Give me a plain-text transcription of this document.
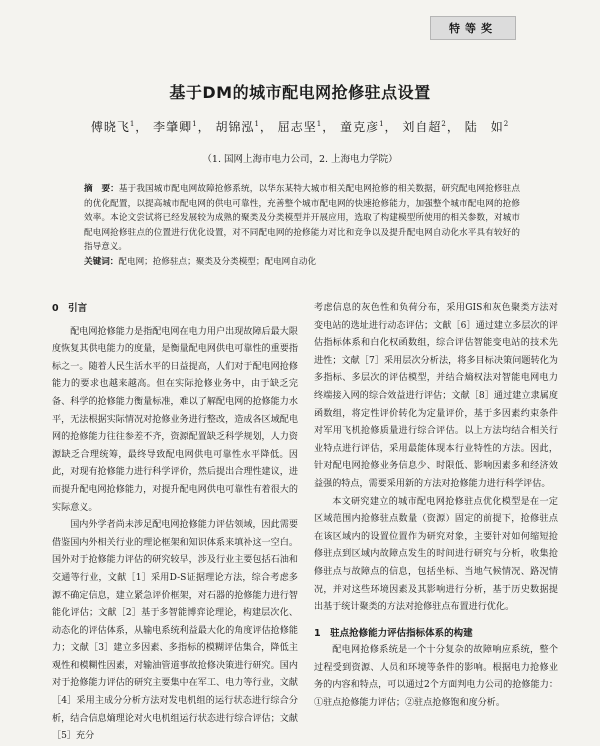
特等奖
基于DM的城市配电网抢修驻点设置
傅晓飞$^1$， 李肇卿$^1$， 胡锦泓$^1$， 屈志坚$^1$， 童克彦$^1$， 刘自超$^2$， 陆　如$^2$
（1. 国网上海市电力公司，2. 上海电力学院）
摘　要：基于我国城市配电网故障抢修系统，以华东某特大城市相关配电网抢修的相关数据，研究配电网抢修驻点的优化配置，以提高城市配电网的供电可靠性，充善整个城市配电网的快速抢修能力，加强整个城市配电网的抢修效率。本论文尝试将已经发展较为成熟的聚类及分类模型并开展应用，选取了构建模型所使用的相关参数，对城市配电网抢修驻点的位置进行优化设置，对不同配电网的抢修能力对比和竞争以及提升配电网自动化水平具有较好的指导意义。
关键词：配电网；抢修驻点；聚类及分类模型；配电网自动化
0　引言

配电网抢修能力是指配电网在电力用户出现故障后最大限度恢复其供电能力的度量，是衡量配电网供电可靠性的重要指标之一。随着人民生活水平的日益提高，人们对于配电网抢修能力的要求也越来越高。但在实际抢修业务中，由于缺乏完备、科学的抢修能力衡量标准，难以了解配电网的抢修能力水平，无法根据实际情况对抢修业务进行整改，造成各区域配电网的抢修能力往往参差不齐，资源配置缺乏科学规划，人力资源缺乏合理统筹，最终导致配电网供电可靠性水平降低。因此，对现有抢修能力进行科学评价，然后提出合理性建议，进而提升配电网抢修能力，对提升配电网供电可靠性有着很大的实际意义。

国内外学者尚未涉足配电网抢修能力评估领域，因此需要借鉴国内外相关行业的理论框架和知识体系来填补这一空白。国外对于抢修能力评估的研究较早，涉及行业主要包括石油和交通等行业，文献［1］采用D-S证据理论方法，综合考虑多源不确定信息，建立紧急评价框架，对石器的抢修能力进行智能化评估；文献［2］基于多智能博弈论理论，构建层次化、动态化的评估体系，从输电系统利益最大化的角度评估抢修能力；文献［3］建立多因素、多指标的模糊评估集合，降低主观性和模糊性因素，对输油管道事故抢修决策进行研究。国内对于抢修能力评估的研究主要集中在军工、电力等行业，文献［4］采用主成分分析方法对发电机组的运行状态进行综合分析，结合信息熵理论对火电机组运行状态进行综合评估；文献［5］充分

考虑信息的灰色性和负荷分布，采用GIS和灰色聚类方法对变电站的选址进行动态评估；文献［6］通过建立多层次的评估指标体系和白化权函数组，综合评估智能变电站的技术先进性；文献［7］采用层次分析法，将多目标决策问题转化为多指标、多层次的评估模型，并结合熵权法对智能电网电力终端接入网的综合效益进行评估；文献［8］通过建立隶属度函数组，将定性评价转化为定量评价，基于多因素约束条件对军用飞机抢修质量进行综合评估。以上方法均结合相关行业特点进行评估，采用最能体现本行业特性的方法。因此，针对配电网抢修业务信息少、时限低、影响因素多和经济效益强的特点，需要采用新的方法对抢修能力进行科学评估。

本文研究建立的城市配电网抢修驻点优化模型是在一定区域范围内抢修驻点数量（资源）固定的前提下，抢修驻点在该区域内的设置位置作为研究对象，主要针对如何缩短抢修驻点到区域内故障点发生的时间进行研究与分析，收集抢修驻点与故障点的信息，包括坐标、当地气候情况、路况情况，并对这些环境因素及其影响进行分析，基于历史数据提出基于统计聚类的方法对抢修驻点布置进行优化。

1　驻点抢修能力评估指标体系的构建

配电网抢修系统是一个十分复杂的故障响应系统，整个过程受到资源、人员和环境等条件的影响。根据电力抢修业务的内容和特点，可以通过2个方面判电力公司的抢修能力：①驻点抢修能力评估；②驻点抢修饱和度分析。
